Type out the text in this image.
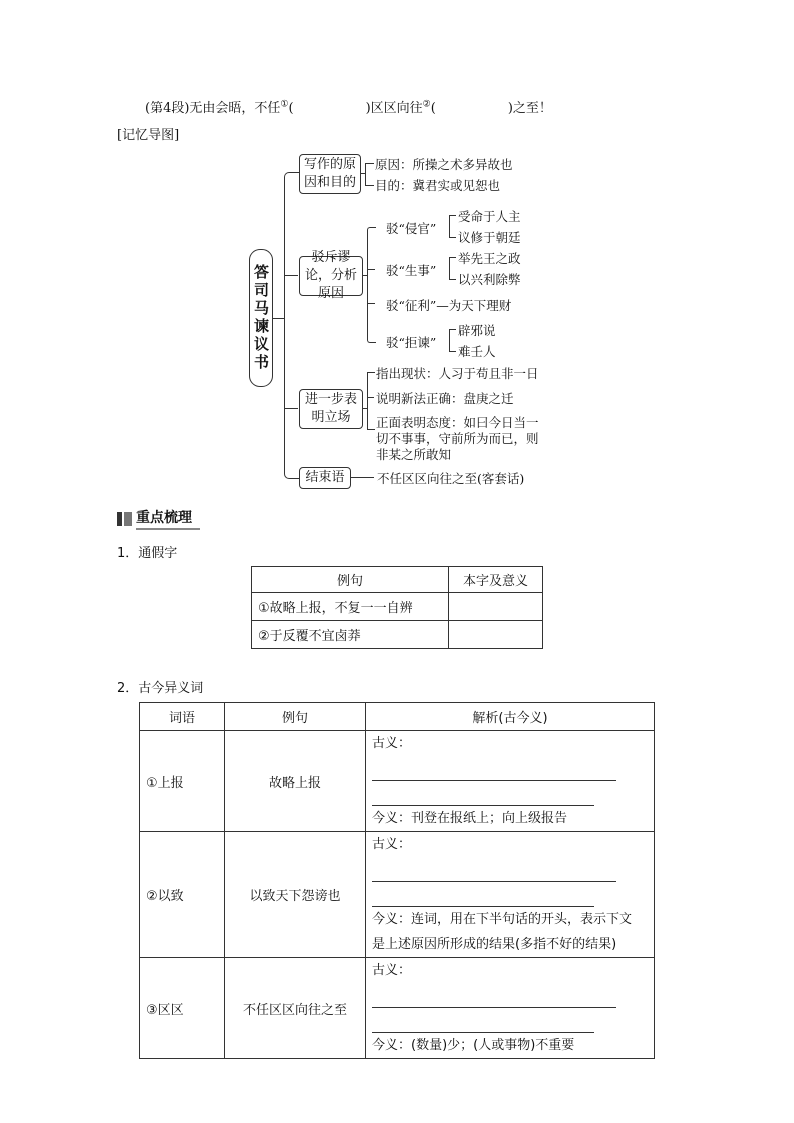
(第4段)无由会晤，不任①(	)区区向往②(	)之至！
[记忆导图]
答司马谏议书
写作的原因和目的
原因：所操之术多异故也
目的：冀君实或见恕也
驳斥谬论，分析原因
驳“侵官”
受命于人主
议修于朝廷
驳“生事”
举先王之政
以兴利除弊
驳“征利”—为天下理财
驳“拒谏”
辟邪说
难壬人
进一步表明立场
指出现状：人习于苟且非一日
说明新法正确：盘庚之迁
正面表明态度：如曰今日当一
切不事事，守前所为而已，则
非某之所敢知
结束语	不任区区向往之至(客套话)
重点梳理
1．通假字
例句	本字及意义
①故略上报，不复一一自辨	
②于反覆不宜卤莽	
2．古今异义词
词语	例句	解析(古今义)
①上报	故略上报	古义：
今义：刊登在报纸上；向上级报告

②以致	以致天下怨谤也	古义：
今义：连词，用在下半句话的开头，表示下文
是上述原因所形成的结果(多指不好的结果)

③区区	不任区区向往之至	古义：
今义：(数量)少；(人或事物)不重要
